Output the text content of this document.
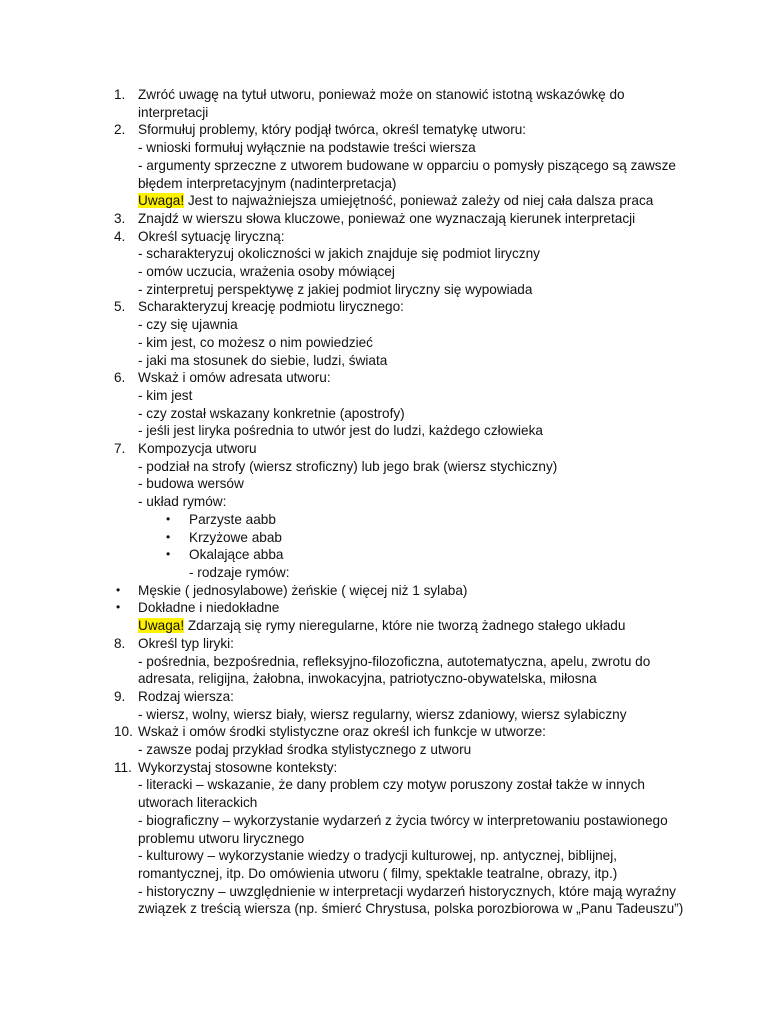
1. Zwróć uwagę na tytuł utworu, ponieważ może on stanowić istotną wskazówkę do
interpretacji
2. Sformułuj problemy, który podjął twórca, określ tematykę utworu:
- wnioski formułuj wyłącznie na podstawie treści wiersza
- argumenty sprzeczne z utworem budowane w opparciu o pomysły piszącego są zawsze
błędem interpretacyjnym (nadinterpretacja)
Uwaga! Jest to najważniejsza umiejętność, ponieważ zależy od niej cała dalsza praca
3. Znajdź w wierszu słowa kluczowe, ponieważ one wyznaczają kierunek interpretacji
4. Określ sytuację liryczną:
- scharakteryzuj okoliczności w jakich znajduje się podmiot liryczny
- omów uczucia, wrażenia osoby mówiącej
- zinterpretuj perspektywę z jakiej podmiot liryczny się wypowiada
5. Scharakteryzuj kreację podmiotu lirycznego:
- czy się ujawnia
- kim jest, co możesz o nim powiedzieć
- jaki ma stosunek do siebie, ludzi, świata
6. Wskaż i omów adresata utworu:
- kim jest
- czy został wskazany konkretnie (apostrofy)
- jeśli jest liryka pośrednia to utwór jest do ludzi, każdego człowieka
7. Kompozycja utworu
- podział na strofy (wiersz stroficzny) lub jego brak (wiersz stychiczny)
- budowa wersów
- układ rymów:
• Parzyste aabb
• Krzyżowe abab
• Okalające abba
- rodzaje rymów:
• Męskie ( jednosylabowe) żeńskie ( więcej niż 1 sylaba)
• Dokładne i niedokładne
Uwaga! Zdarzają się rymy nieregularne, które nie tworzą żadnego stałego układu
8. Określ typ liryki:
- pośrednia, bezpośrednia, refleksyjno-filozoficzna, autotematyczna, apelu, zwrotu do
adresata, religijna, żałobna, inwokacyjna, patriotyczno-obywatelska, miłosna
9. Rodzaj wiersza:
- wiersz, wolny, wiersz biały, wiersz regularny, wiersz zdaniowy, wiersz sylabiczny
10. Wskaż i omów środki stylistyczne oraz określ ich funkcje w utworze:
- zawsze podaj przykład środka stylistycznego z utworu
11. Wykorzystaj stosowne konteksty:
- literacki – wskazanie, że dany problem czy motyw poruszony został także w innych
utworach literackich
- biograficzny – wykorzystanie wydarzeń z życia twórcy w interpretowaniu postawionego
problemu utworu lirycznego
- kulturowy – wykorzystanie wiedzy o tradycji kulturowej, np. antycznej, biblijnej,
romantycznej, itp. Do omówienia utworu ( filmy, spektakle teatralne, obrazy, itp.)
- historyczny – uwzględnienie w interpretacji wydarzeń historycznych, które mają wyraźny
związek z treścią wiersza (np. śmierć Chrystusa, polska porozbiorowa w „Panu Tadeuszu”)
